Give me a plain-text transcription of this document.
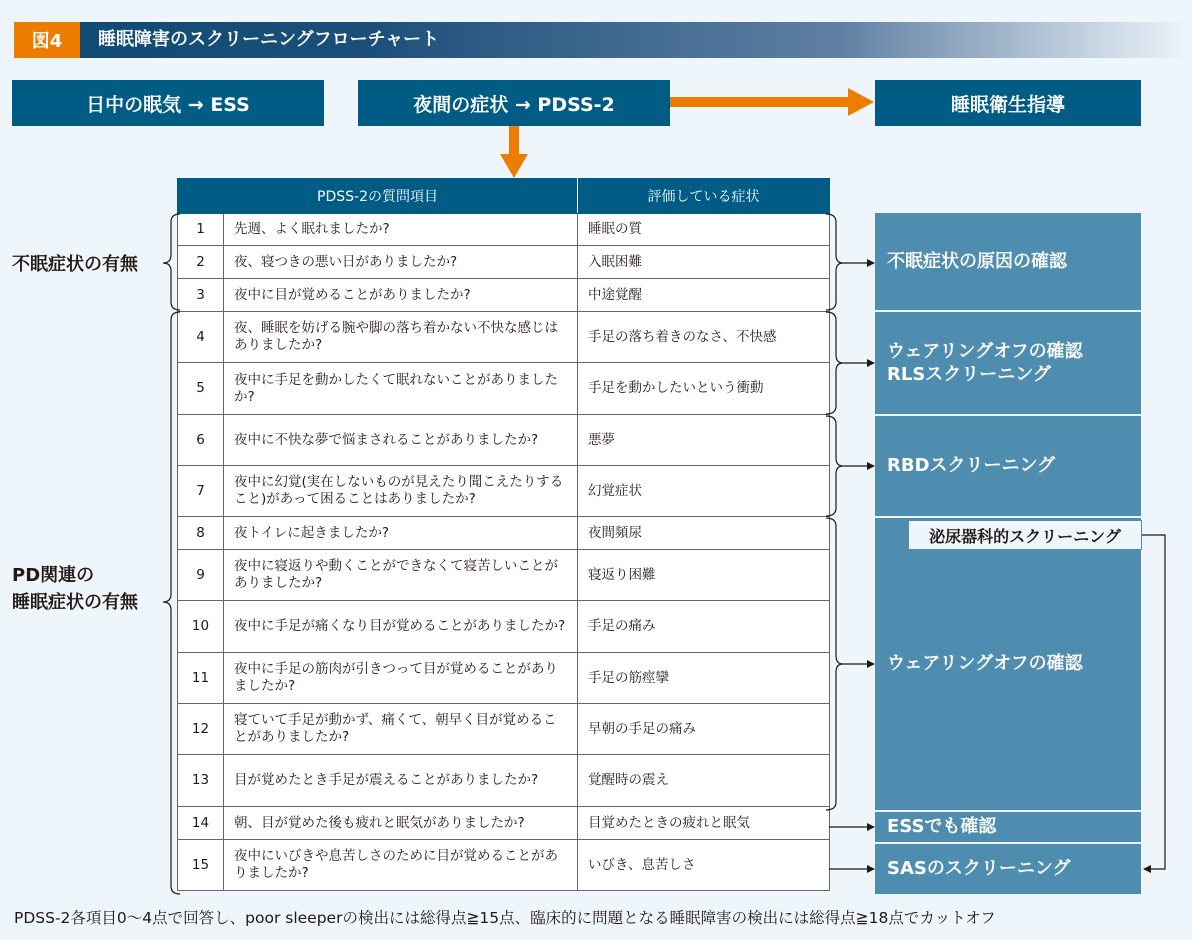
図4	睡眠障害のスクリーニングフローチャート
日中の眠気 → ESS	夜間の症状 → PDSS-2	睡眠衛生指導
PDSS-2の質問項目		評価している症状
1	先週、よく眠れましたか?	睡眠の質
2	夜、寝つきの悪い日がありましたか?	入眠困難
3	夜中に目が覚めることがありましたか?	中途覚醒
4	夜、睡眠を妨げる腕や脚の落ち着かない不快な感じはありましたか?	手足の落ち着きのなさ、不快感
5	夜中に手足を動かしたくて眠れないことがありましたか?	手足を動かしたいという衝動
6	夜中に不快な夢で悩まされることがありましたか?	悪夢
7	夜中に幻覚(実在しないものが見えたり聞こえたりすること)があって困ることはありましたか?	幻覚症状
8	夜トイレに起きましたか?	夜間頻尿
9	夜中に寝返りや動くことができなくて寝苦しいことがありましたか?	寝返り困難
10	夜中に手足が痛くなり目が覚めることがありましたか?	手足の痛み
11	夜中に手足の筋肉が引きつって目が覚めることがありましたか?	手足の筋痙攣
12	寝ていて手足が動かず、痛くて、朝早く目が覚めることがありましたか?	早朝の手足の痛み
13	目が覚めたとき手足が震えることがありましたか?	覚醒時の震え
14	朝、目が覚めた後も疲れと眠気がありましたか?	目覚めたときの疲れと眠気
15	夜中にいびきや息苦しさのために目が覚めることがありましたか?	いびき、息苦しさ
不眠症状の有無
PD関連の
睡眠症状の有無
不眠症状の原因の確認
ウェアリングオフの確認
RLSスクリーニング
RBDスクリーニング
ウェアリングオフの確認
泌尿器科的スクリーニング
ESSでも確認
SASのスクリーニング
PDSS-2各項目0〜4点で回答し、poor sleeperの検出には総得点≧15点、臨床的に問題となる睡眠障害の検出には総得点≧18点でカットオフ
